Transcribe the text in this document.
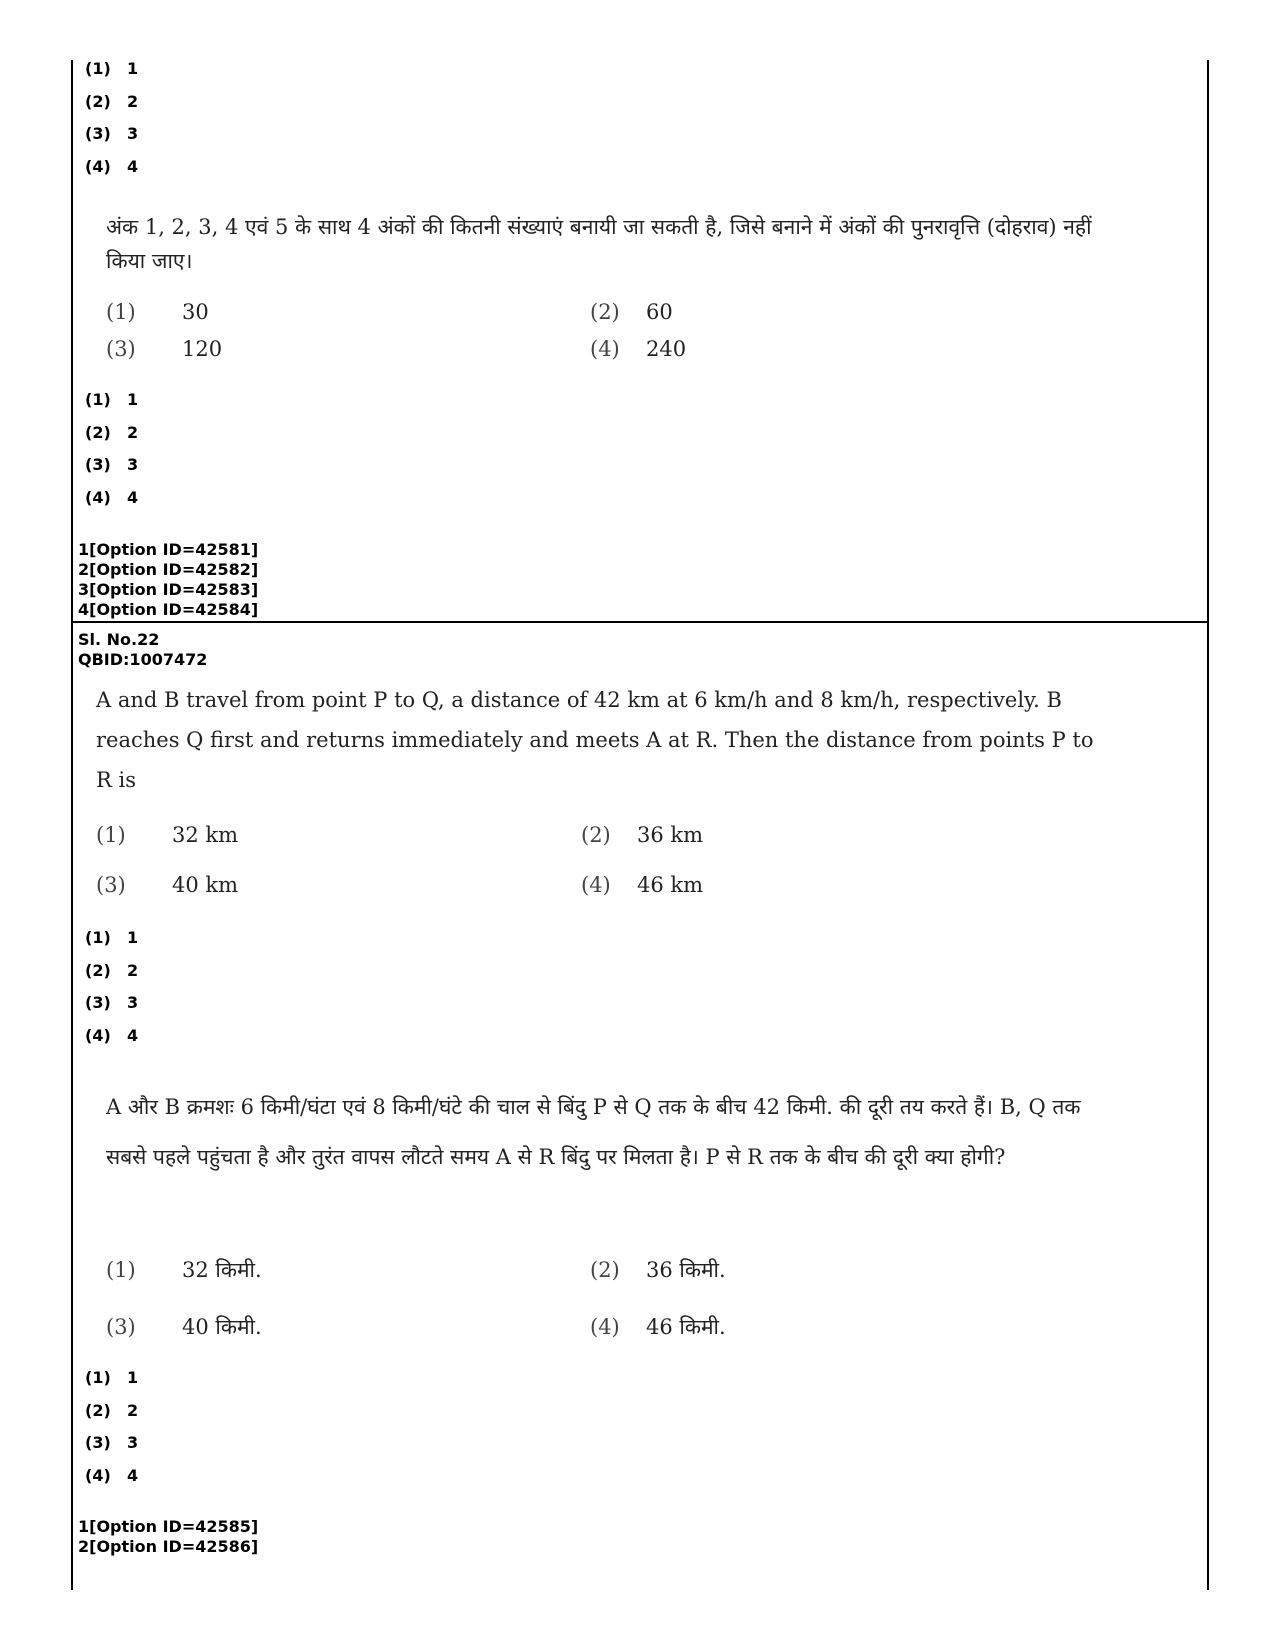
(1) 1
(2) 2
(3) 3
(4) 4

अंक 1, 2, 3, 4 एवं 5 के साथ 4 अंकों की कितनी संख्याएं बनायी जा सकती है, जिसे बनाने में अंकों की पुनरावृत्ति (दोहराव) नहीं किया जाए।

(1) 30	(2) 60
(3) 120	(4) 240
(1) 1
(2) 2
(3) 3
(4) 4
1[Option ID=42581]
2[Option ID=42582]
3[Option ID=42583]
4[Option ID=42584]
Sl. No.22
QBID:1007472

A and B travel from point P to Q, a distance of 42 km at 6 km/h and 8 km/h, respectively. B reaches Q first and returns immediately and meets A at R. Then the distance from points P to R is

(1) 32 km	(2) 36 km
(3) 40 km	(4) 46 km
(1) 1
(2) 2
(3) 3
(4) 4

A और B क्रमशः 6 किमी/घंटा एवं 8 किमी/घंटे की चाल से बिंदु P से Q तक के बीच 42 किमी. की दूरी तय करते हैं। B, Q तक सबसे पहले पहुंचता है और तुरंत वापस लौटते समय A से R बिंदु पर मिलता है। P से R तक के बीच की दूरी क्या होगी?

(1) 32 किमी.	(2) 36 किमी.
(3) 40 किमी.	(4) 46 किमी.
(1) 1
(2) 2
(3) 3
(4) 4
1[Option ID=42585]
2[Option ID=42586]
